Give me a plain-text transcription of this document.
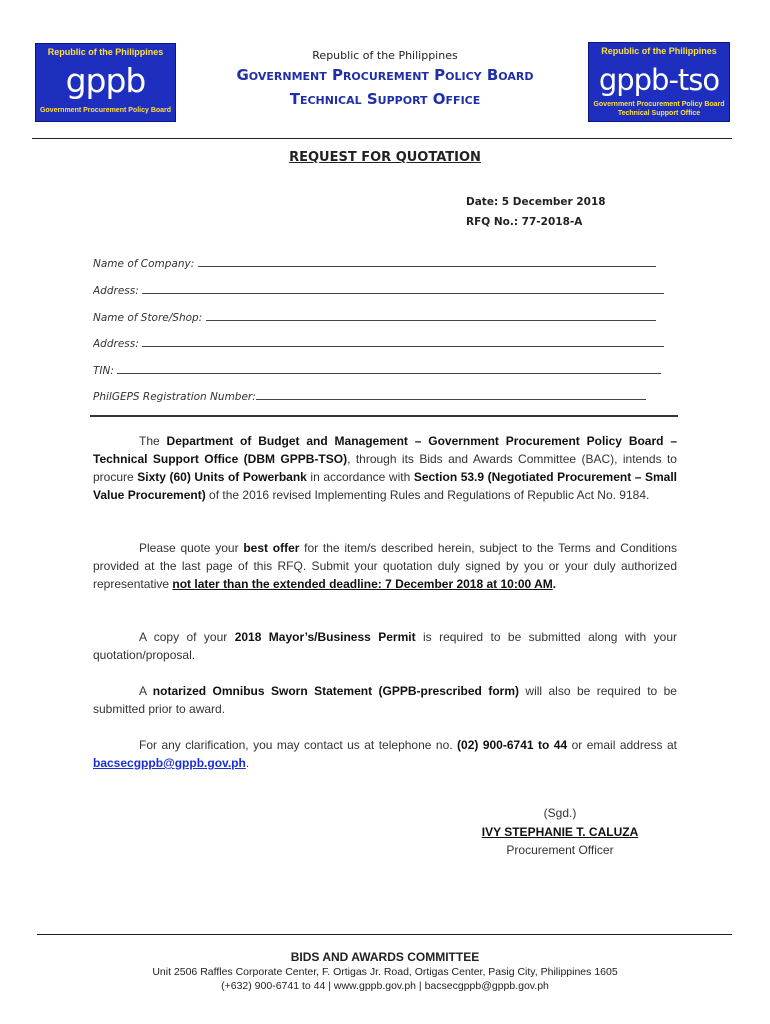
Republic of the Philippines
gppb
Government Procurement Policy Board
Republic of the Philippines
gppb-tso
Government Procurement Policy Board
Technical Support Office
Republic of the Philippines
Government Procurement Policy Board
Technical Support Office
REQUEST FOR QUOTATION
Date: 5 December 2018
RFQ No.: 77-2018-A
Name of Company:
Address:
Name of Store/Shop:
Address:
TIN:
PhilGEPS Registration Number:
The Department of Budget and Management – Government Procurement Policy Board – Technical Support Office (DBM GPPB-TSO), through its Bids and Awards Committee (BAC), intends to procure Sixty (60) Units of Powerbank in accordance with Section 53.9 (Negotiated Procurement – Small Value Procurement) of the 2016 revised Implementing Rules and Regulations of Republic Act No. 9184.
Please quote your best offer for the item/s described herein, subject to the Terms and Conditions provided at the last page of this RFQ. Submit your quotation duly signed by you or your duly authorized representative not later than the extended deadline: 7 December 2018 at 10:00 AM.
A copy of your 2018 Mayor’s/Business Permit is required to be submitted along with your quotation/proposal.
A notarized Omnibus Sworn Statement (GPPB-prescribed form) will also be required to be submitted prior to award.
For any clarification, you may contact us at telephone no. (02) 900-6741 to 44 or email address at bacsecgppb@gppb.gov.ph.
(Sgd.)
IVY STEPHANIE T. CALUZA
Procurement Officer
BIDS AND AWARDS COMMITTEE
Unit 2506 Raffles Corporate Center, F. Ortigas Jr. Road, Ortigas Center, Pasig City, Philippines 1605
(+632) 900-6741 to 44 | www.gppb.gov.ph | bacsecgppb@gppb.gov.ph
